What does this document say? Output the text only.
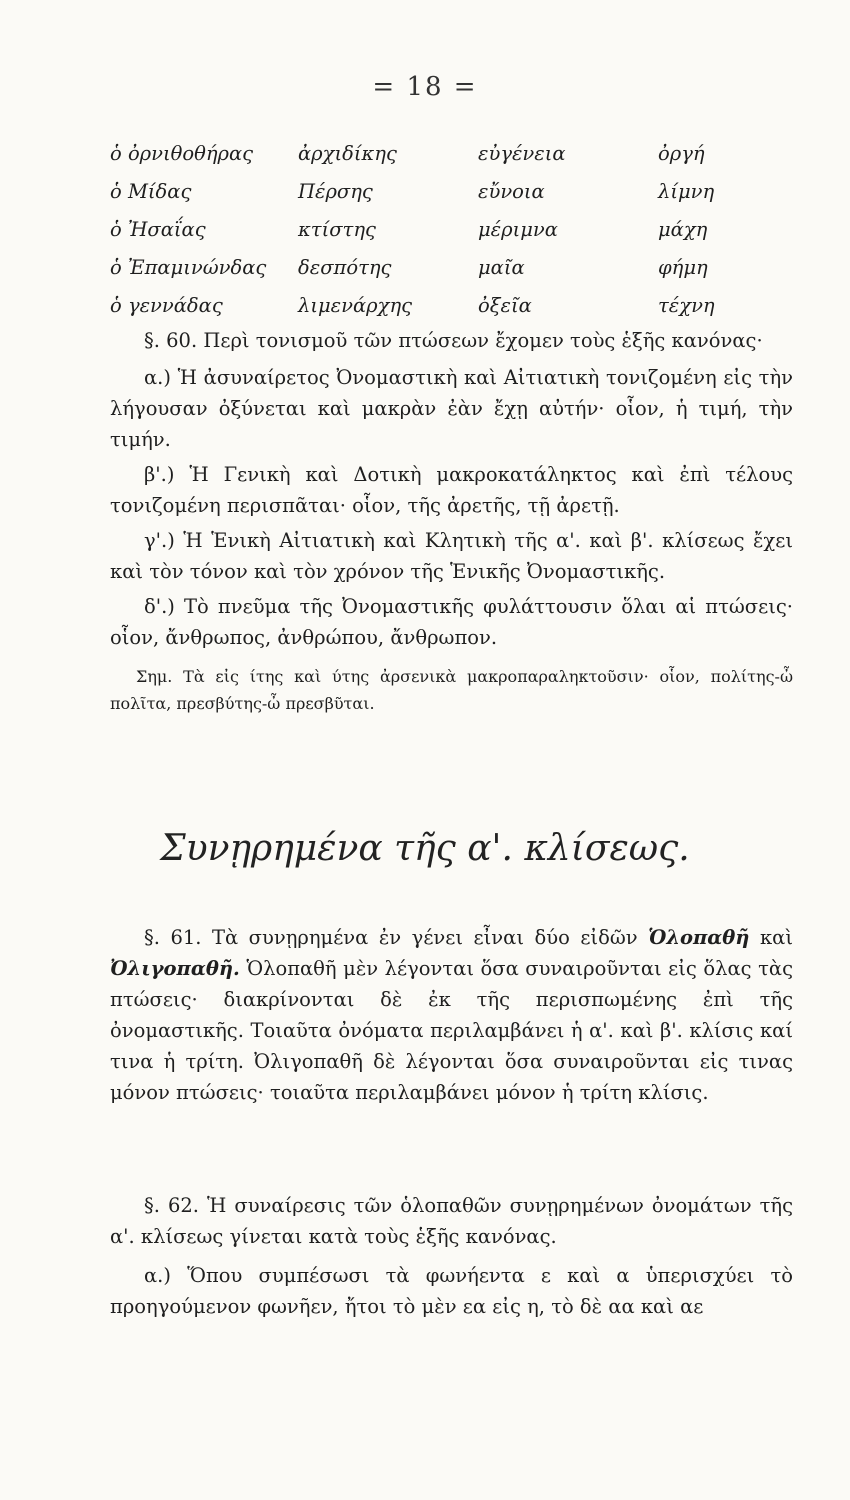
= 18 =
ὁ ὀρνιθοθήρας	ἀρχιδίκης	εὐγένεια	ὀργή
ὁ Μίδας	Πέρσης	εὔνοια	λίμνη
ὁ Ἠσαΐας	κτίστης	μέριμνα	μάχη
ὁ Ἐπαμινώνδας	δεσπότης	μαῖα	φήμη
ὁ γεννάδας	λιμενάρχης	ὀξεῖα	τέχνη
§. 60. Περὶ τονισμοῦ τῶν πτώσεων ἔχομεν τοὺς ἑξῆς κανόνας·
α.) Ἡ ἀσυναίρετος Ὀνομαστικὴ καὶ Αἰτιατικὴ τονιζομένη εἰς τὴν λήγουσαν ὀξύνεται καὶ μακρὰν ἐὰν ἔχῃ αὐτήν· οἷον, ἡ τιμή, τὴν τιμήν.
β'.) Ἡ Γενικὴ καὶ Δοτικὴ μακροκατάληκτος καὶ ἐπὶ τέλους τονιζομένη περισπᾶται· οἷον, τῆς ἀρετῆς, τῇ ἀρετῇ.
γ'.) Ἡ Ἑνικὴ Αἰτιατικὴ καὶ Κλητικὴ τῆς α'. καὶ β'. κλίσεως ἔχει καὶ τὸν τόνον καὶ τὸν χρόνον τῆς Ἑνικῆς Ὀνομαστικῆς.
δ'.) Τὸ πνεῦμα τῆς Ὀνομαστικῆς φυλάττουσιν ὅλαι αἱ πτώσεις· οἷον, ἄνθρωπος, ἀνθρώπου, ἄνθρωπον.
Σημ. Τὰ εἰς ίτης καὶ ύτης ἀρσενικὰ μακροπαραληκτοῦσιν· οἷον, πολίτης-ὦ πολῖτα, πρεσβύτης-ὦ πρεσβῦται.
Συνῃρημένα τῆς α'. κλίσεως.
§. 61. Τὰ συνῃρημένα ἐν γένει εἶναι δύο εἰδῶν Ὁλοπαθῆ καὶ Ὀλιγοπαθῆ. Ὁλοπαθῆ μὲν λέγονται ὅσα συναιροῦνται εἰς ὅλας τὰς πτώσεις· διακρίνονται δὲ ἐκ τῆς περισπωμένης ἐπὶ τῆς ὀνομαστικῆς. Τοιαῦτα ὀνόματα περιλαμβάνει ἡ α'. καὶ β'. κλίσις καί τινα ἡ τρίτη. Ὀλιγοπαθῆ δὲ λέγονται ὅσα συναιροῦνται εἰς τινας μόνον πτώσεις· τοιαῦτα περιλαμβάνει μόνον ἡ τρίτη κλίσις.
§. 62. Ἡ συναίρεσις τῶν ὁλοπαθῶν συνῃρημένων ὀνομάτων τῆς α'. κλίσεως γίνεται κατὰ τοὺς ἑξῆς κανόνας.
α.) Ὅπου συμπέσωσι τὰ φωνήεντα ε καὶ α ὑπερισχύει τὸ προηγούμενον φωνῆεν, ἤτοι τὸ μὲν εα εἰς η, τὸ δὲ αα καὶ αε
